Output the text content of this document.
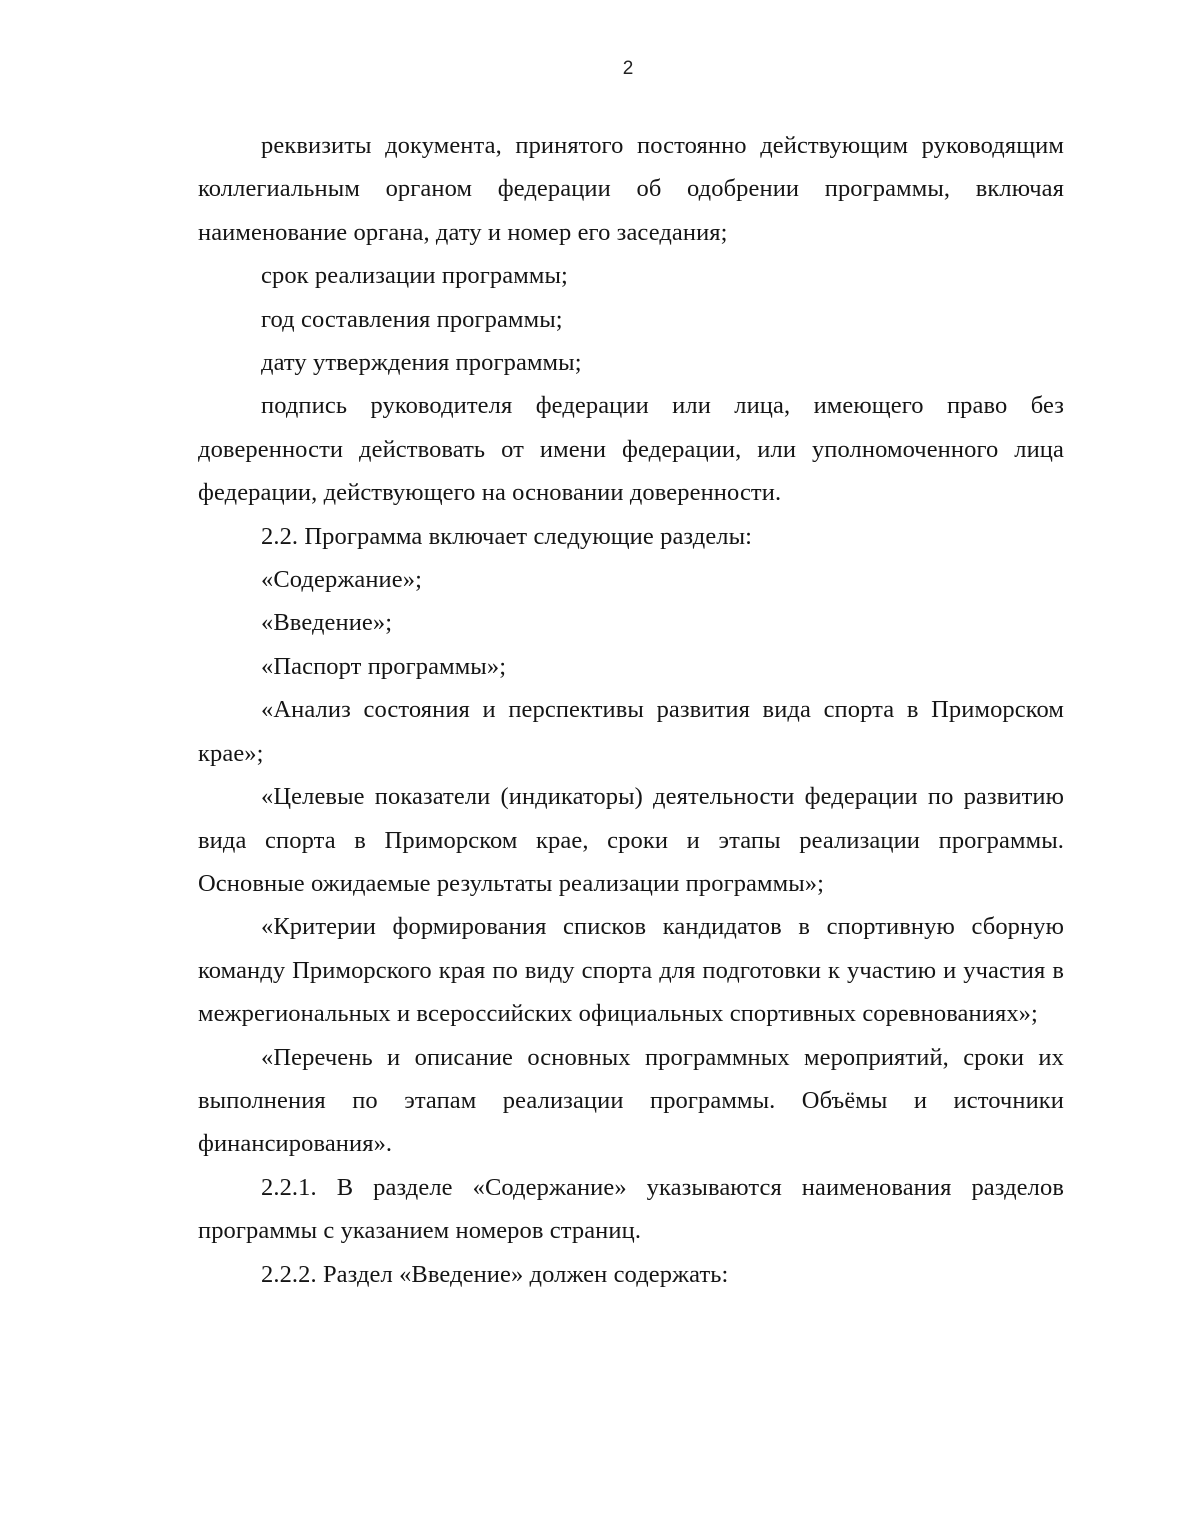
2

реквизиты документа, принятого постоянно действующим руководящим коллегиальным органом федерации об одобрении программы, включая наименование органа, дату и номер его заседания;

срок реализации программы;

год составления программы;

дату утверждения программы;

подпись руководителя федерации или лица, имеющего право без доверенности действовать от имени федерации, или уполномоченного лица федерации, действующего на основании доверенности.

2.2. Программа включает следующие разделы:

«Содержание»;

«Введение»;

«Паспорт программы»;

«Анализ состояния и перспективы развития вида спорта в Приморском крае»;

«Целевые показатели (индикаторы) деятельности федерации по развитию вида спорта в Приморском крае, сроки и этапы реализации программы. Основные ожидаемые результаты реализации программы»;

«Критерии формирования списков кандидатов в спортивную сборную команду Приморского края по виду спорта для подготовки к участию и участия в межрегиональных и всероссийских официальных спортивных соревнованиях»;

«Перечень и описание основных программных мероприятий, сроки их выполнения по этапам реализации программы. Объёмы и источники финансирования».

2.2.1. В разделе «Содержание» указываются наименования разделов программы с указанием номеров страниц.

2.2.2. Раздел «Введение» должен содержать:
